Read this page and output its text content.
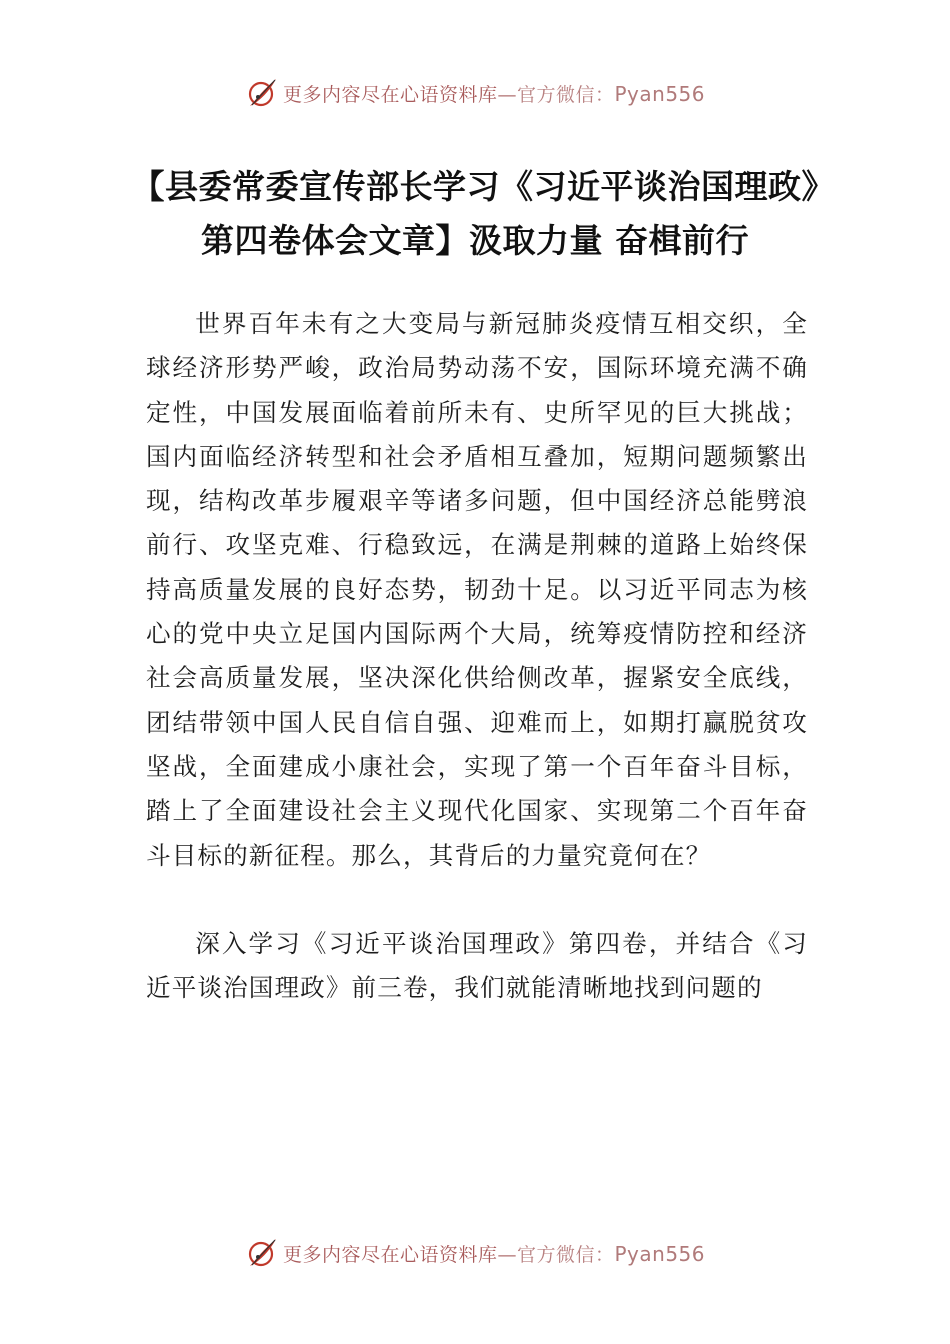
更多内容尽在心语资料库—官方微信：Pyan556
【县委常委宣传部长学习《习近平谈治国理政》第四卷体会文章】汲取力量 奋楫前行

世界百年未有之大变局与新冠肺炎疫情互相交织，全球经济形势严峻，政治局势动荡不安，国际环境充满不确定性，中国发展面临着前所未有、史所罕见的巨大挑战；国内面临经济转型和社会矛盾相互叠加，短期问题频繁出现，结构改革步履艰辛等诸多问题，但中国经济总能劈浪前行、攻坚克难、行稳致远，在满是荆棘的道路上始终保持高质量发展的良好态势，韧劲十足。以习近平同志为核心的党中央立足国内国际两个大局，统筹疫情防控和经济社会高质量发展，坚决深化供给侧改革，握紧安全底线，团结带领中国人民自信自强、迎难而上，如期打赢脱贫攻坚战，全面建成小康社会，实现了第一个百年奋斗目标，踏上了全面建设社会主义现代化国家、实现第二个百年奋斗目标的新征程。那么，其背后的力量究竟何在？

深入学习《习近平谈治国理政》第四卷，并结合《习近平谈治国理政》前三卷，我们就能清晰地找到问题的

更多内容尽在心语资料库—官方微信：Pyan556
